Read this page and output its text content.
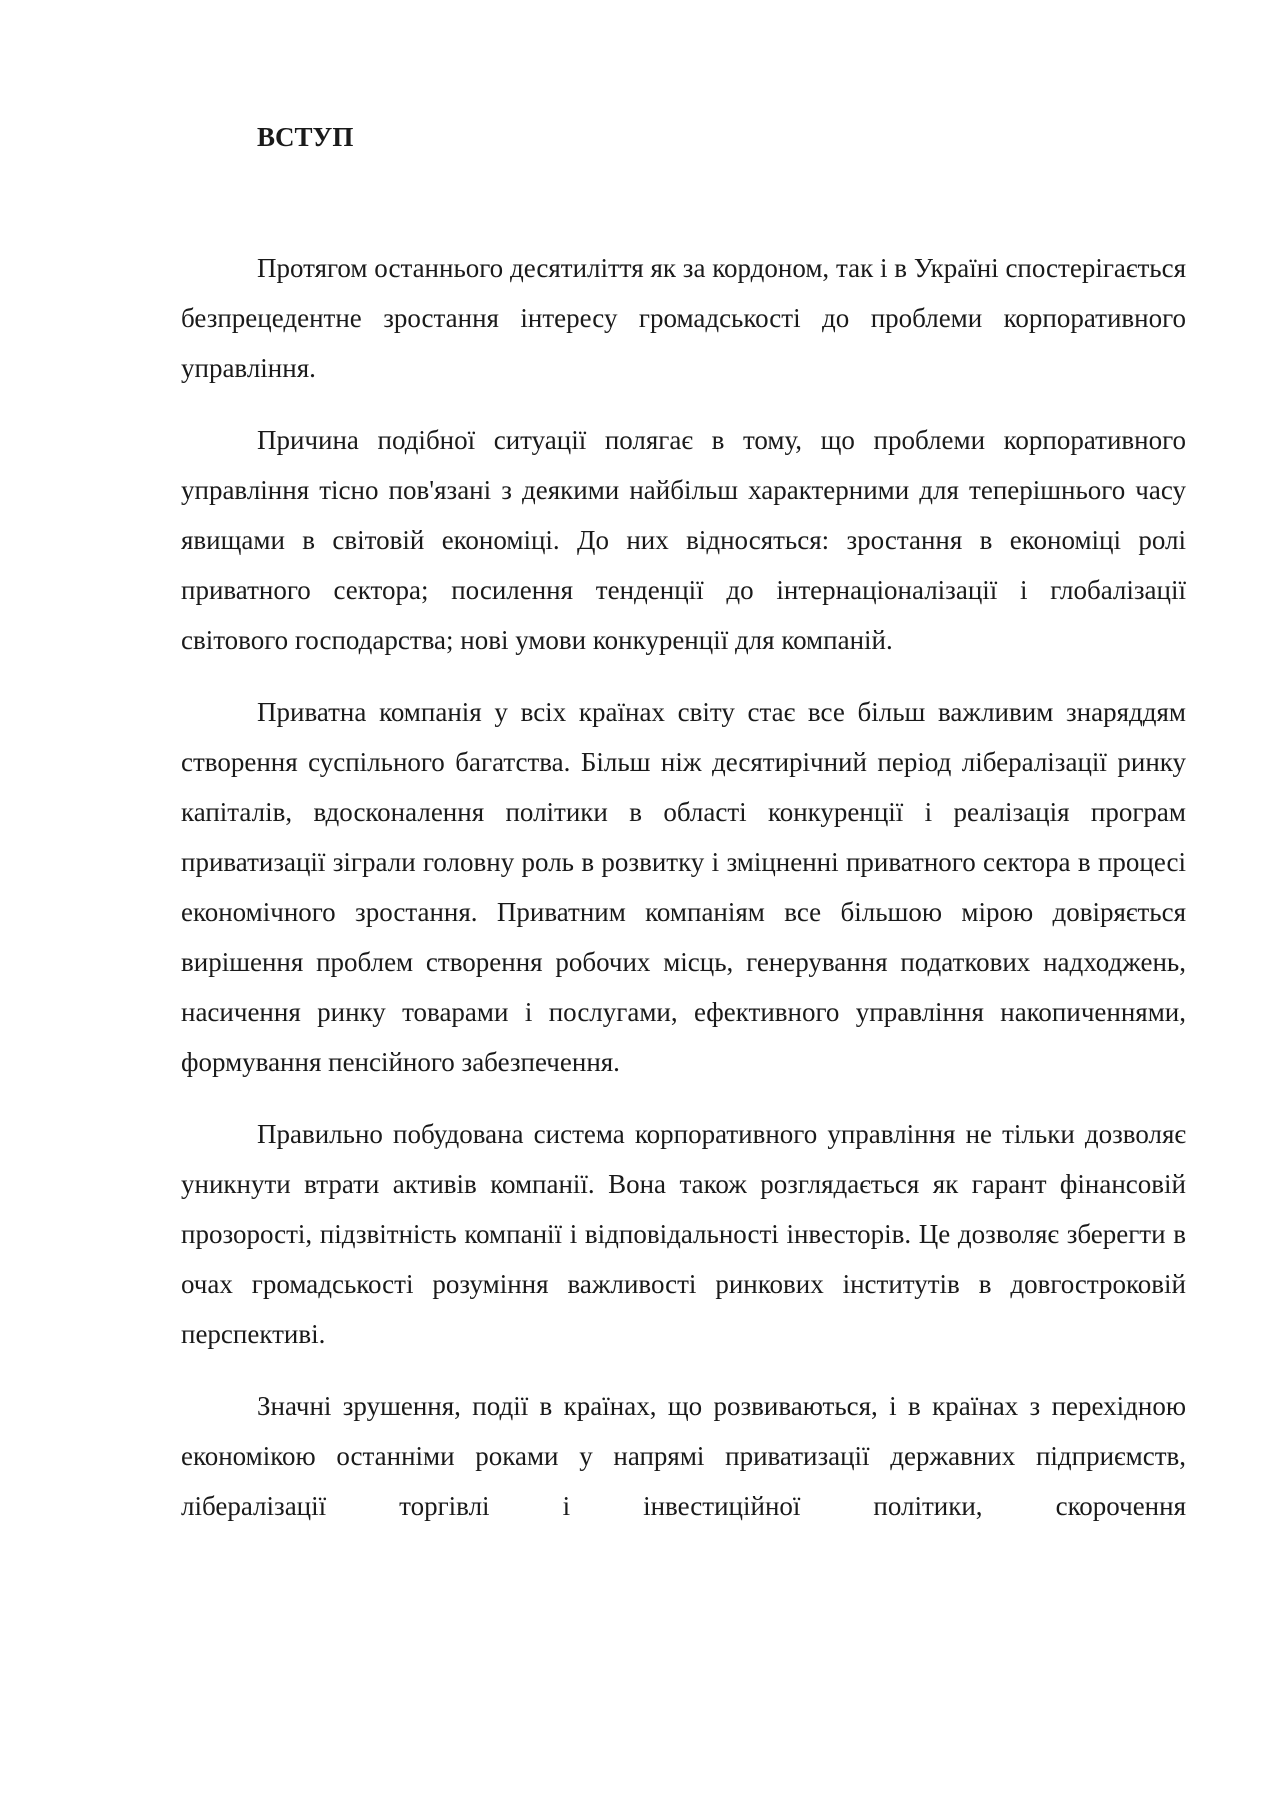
ВСТУП

Протягом останнього десятиліття як за кордоном, так і в Україні спостерігається безпрецедентне зростання інтересу громадськості до проблеми корпоративного управління.

Причина подібної ситуації полягає в тому, що проблеми корпоративного управління тісно пов'язані з деякими найбільш характерними для теперішнього часу явищами в світовій економіці. До них відносяться: зростання в економіці ролі приватного сектора; посилення тенденції до інтернаціоналізації і глобалізації світового господарства; нові умови конкуренції для компаній.

Приватна компанія у всіх країнах світу стає все більш важливим знаряддям створення суспільного багатства. Більш ніж десятирічний період лібералізації ринку капіталів, вдосконалення політики в області конкуренції і реалізація програм приватизації зіграли головну роль в розвитку і зміцненні приватного сектора в процесі економічного зростання. Приватним компаніям все більшою мірою довіряється вирішення проблем створення робочих місць, генерування податкових надходжень, насичення ринку товарами і послугами, ефективного управління накопиченнями, формування пенсійного забезпечення.

Правильно побудована система корпоративного управління не тільки дозволяє уникнути втрати активів компанії. Вона також розглядається як гарант фінансовій прозорості, підзвітність компанії і відповідальності інвесторів. Це дозволяє зберегти в очах громадськості розуміння важливості ринкових інститутів в довгостроковій перспективі.

Значні зрушення, події в країнах, що розвиваються, і в країнах з перехідною економікою останніми роками у напрямі приватизації державних підприємств, лібералізації торгівлі і інвестиційної політики, скорочення
